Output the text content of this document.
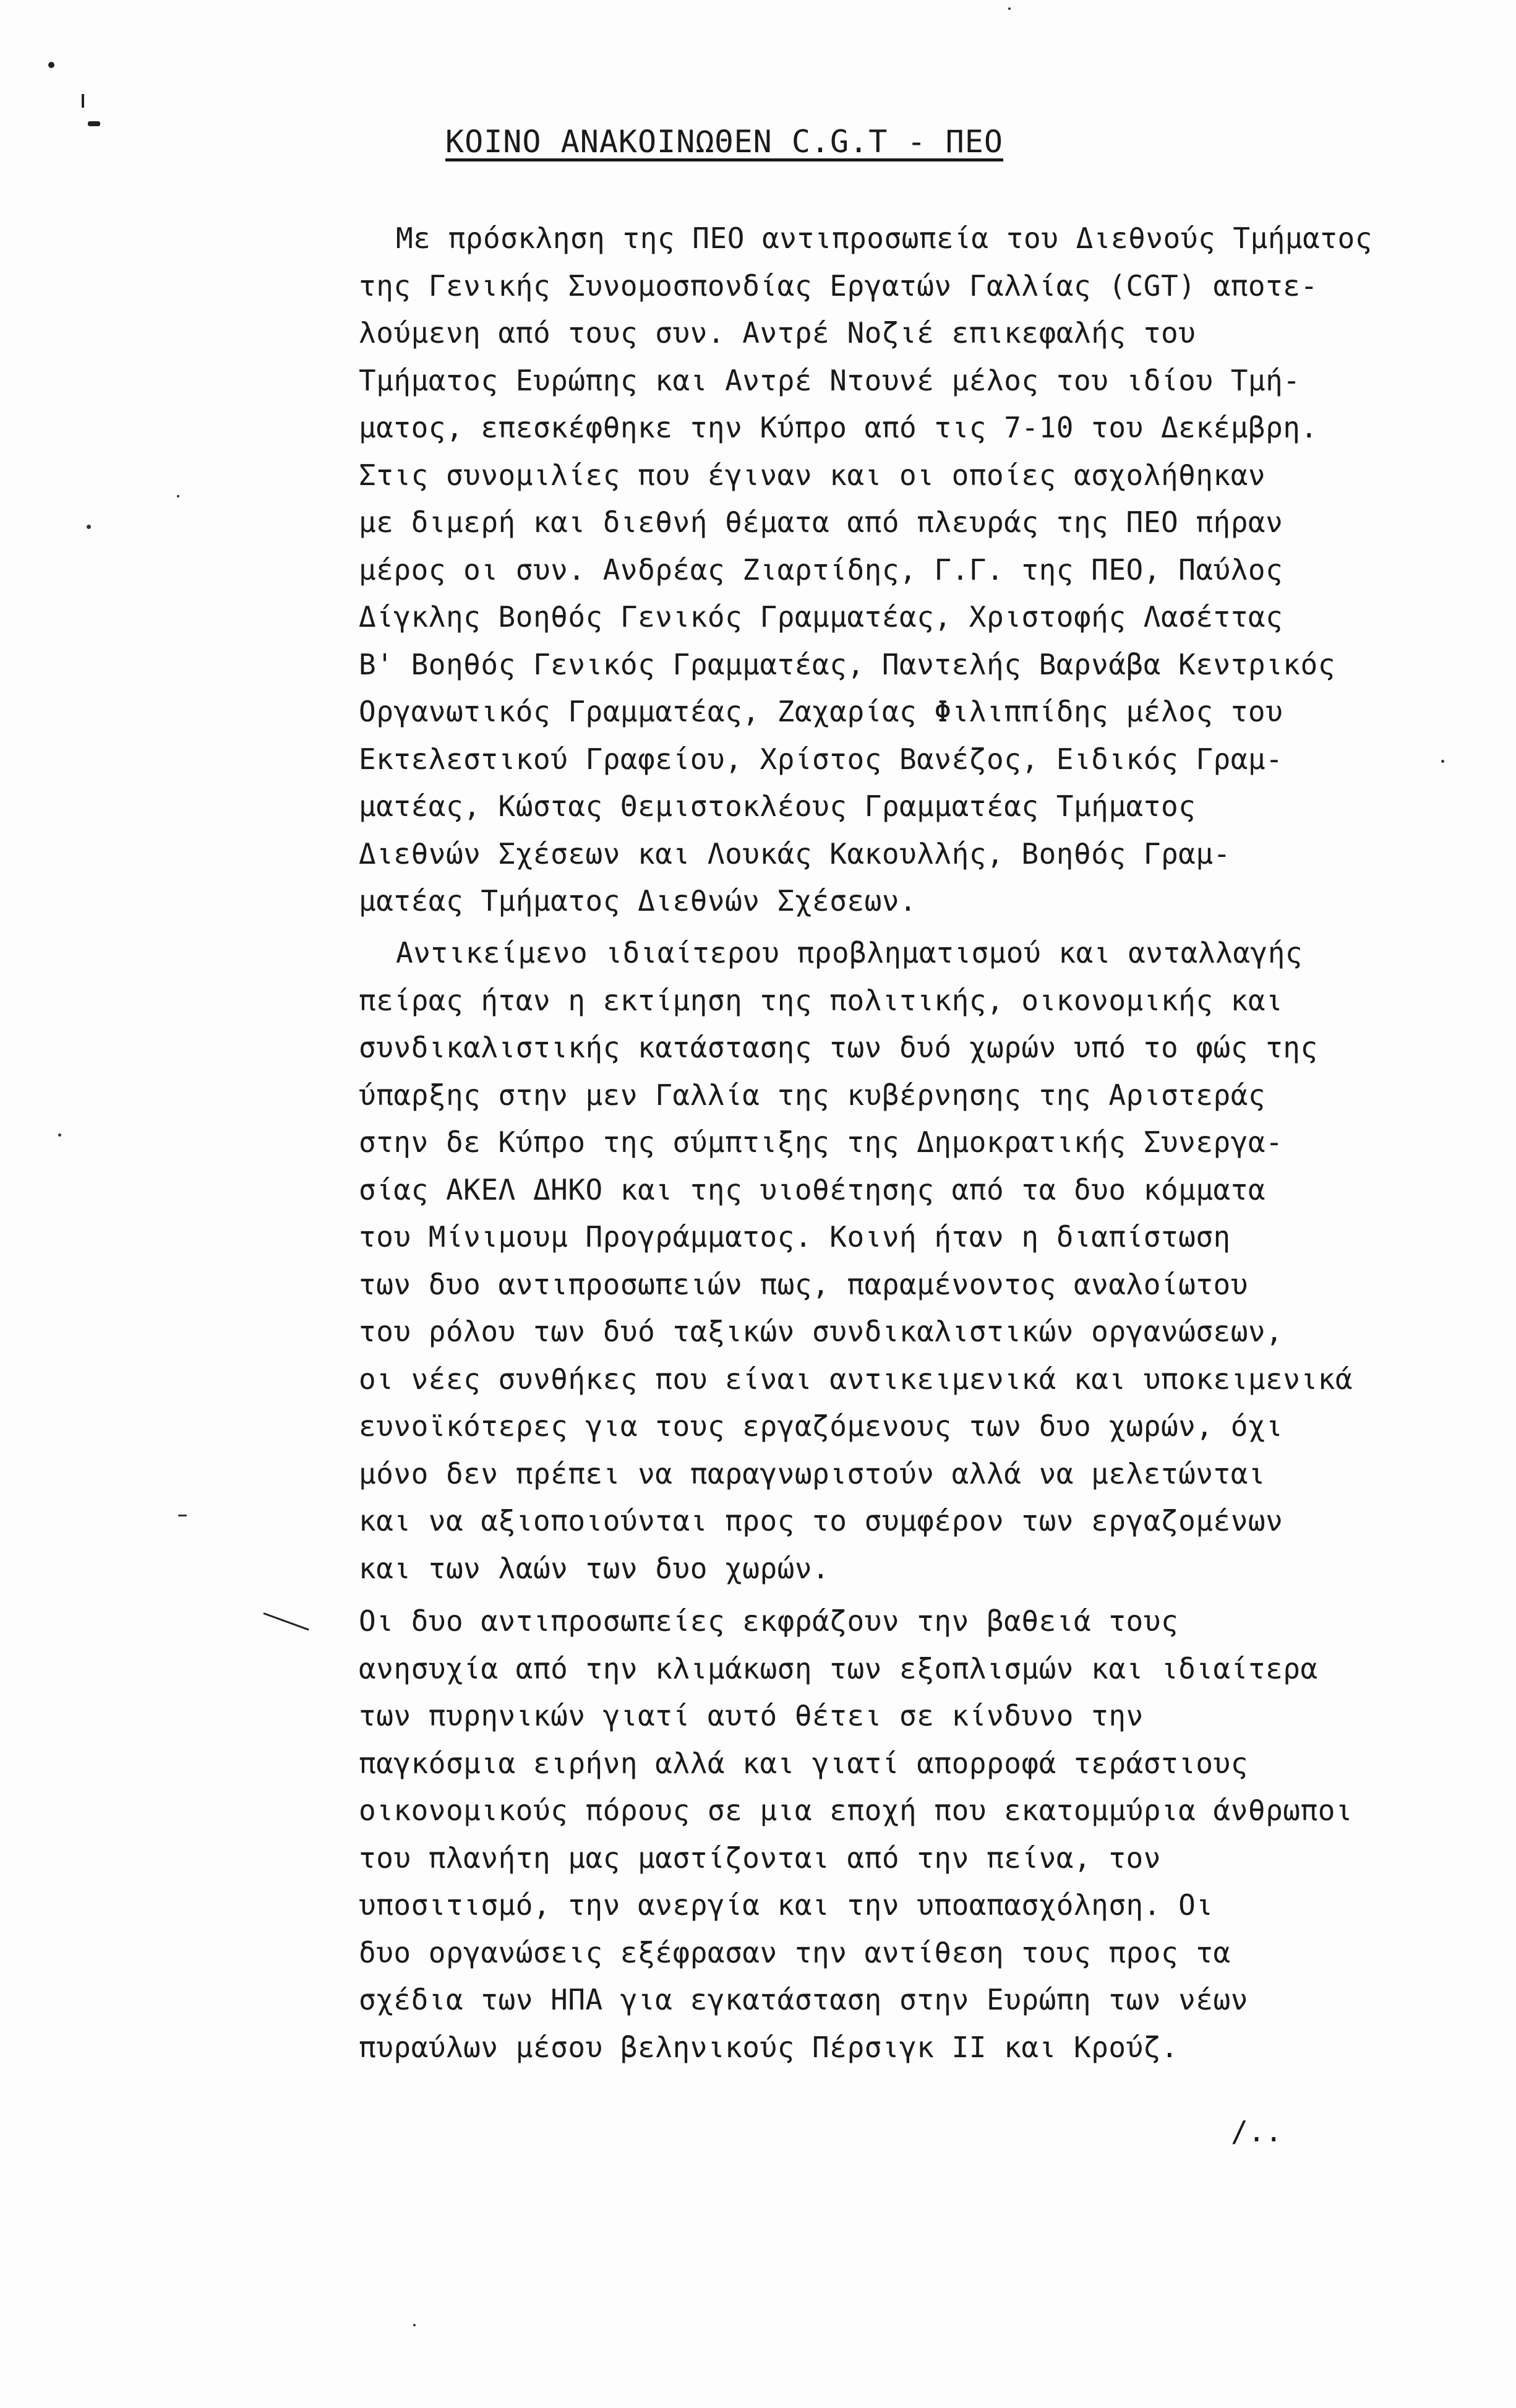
ΚΟΙΝΟ ΑΝΑΚΟΙΝΩΘΕΝ C.G.T - ΠΕΟ
Με πρόσκληση της ΠΕΟ αντιπροσωπεία του Διεθνούς Τμήματος
της Γενικής Συνομοσπονδίας Εργατών Γαλλίας (CGT) αποτε-
λούμενη από τους συν. Αντρέ Νοζιέ επικεφαλής του
Τμήματος Ευρώπης και Αντρέ Ντουνέ μέλος του ιδίου Τμή-
ματος, επεσκέφθηκε την Κύπρο από τις 7-10 του Δεκέμβρη.
Στις συνομιλίες που έγιναν και οι οποίες ασχολήθηκαν
με διμερή και διεθνή θέματα από πλευράς της ΠΕΟ πήραν
μέρος οι συν. Ανδρέας Ζιαρτίδης, Γ.Γ. της ΠΕΟ, Παύλος
Δίγκλης Βοηθός Γενικός Γραμματέας, Χριστοφής Λασέττας
Β' Βοηθός Γενικός Γραμματέας, Παντελής Βαρνάβα Κεντρικός
Οργανωτικός Γραμματέας, Ζαχαρίας Φιλιππίδης μέλος του
Εκτελεστικού Γραφείου, Χρίστος Βανέζος, Ειδικός Γραμ-
ματέας, Κώστας Θεμιστοκλέους Γραμματέας Τμήματος
Διεθνών Σχέσεων και Λουκάς Κακουλλής, Βοηθός Γραμ-
ματέας Τμήματος Διεθνών Σχέσεων.
Αντικείμενο ιδιαίτερου προβληματισμού και ανταλλαγής
πείρας ήταν η εκτίμηση της πολιτικής, οικονομικής και
συνδικαλιστικής κατάστασης των δυό χωρών υπό το φώς της
ύπαρξης στην μεν Γαλλία της κυβέρνησης της Αριστεράς
στην δε Κύπρο της σύμπτιξης της Δημοκρατικής Συνεργα-
σίας ΑΚΕΛ ΔΗΚΟ και της υιοθέτησης από τα δυο κόμματα
του Μίνιμουμ Προγράμματος. Κοινή ήταν η διαπίστωση
των δυο αντιπροσωπειών πως, παραμένοντος αναλοίωτου
του ρόλου των δυό ταξικών συνδικαλιστικών οργανώσεων,
οι νέες συνθήκες που είναι αντικειμενικά και υποκειμενικά
ευνοϊκότερες για τους εργαζόμενους των δυο χωρών, όχι
μόνο δεν πρέπει να παραγνωριστούν αλλά να μελετώνται
και να αξιοποιούνται προς το συμφέρον των εργαζομένων
και των λαών των δυο χωρών.
Οι δυο αντιπροσωπείες εκφράζουν την βαθειά τους
ανησυχία από την κλιμάκωση των εξοπλισμών και ιδιαίτερα
των πυρηνικών γιατί αυτό θέτει σε κίνδυνο την
παγκόσμια ειρήνη αλλά και γιατί απορροφά τεράστιους
οικονομικούς πόρους σε μια εποχή που εκατομμύρια άνθρωποι
του πλανήτη μας μαστίζονται από την πείνα, τον
υποσιτισμό, την ανεργία και την υποαπασχόληση. Οι
δυο οργανώσεις εξέφρασαν την αντίθεση τους προς τα
σχέδια των ΗΠΑ για εγκατάσταση στην Ευρώπη των νέων
πυραύλων μέσου βεληνικούς Πέρσιγκ ΙΙ και Κρούζ.
/..
